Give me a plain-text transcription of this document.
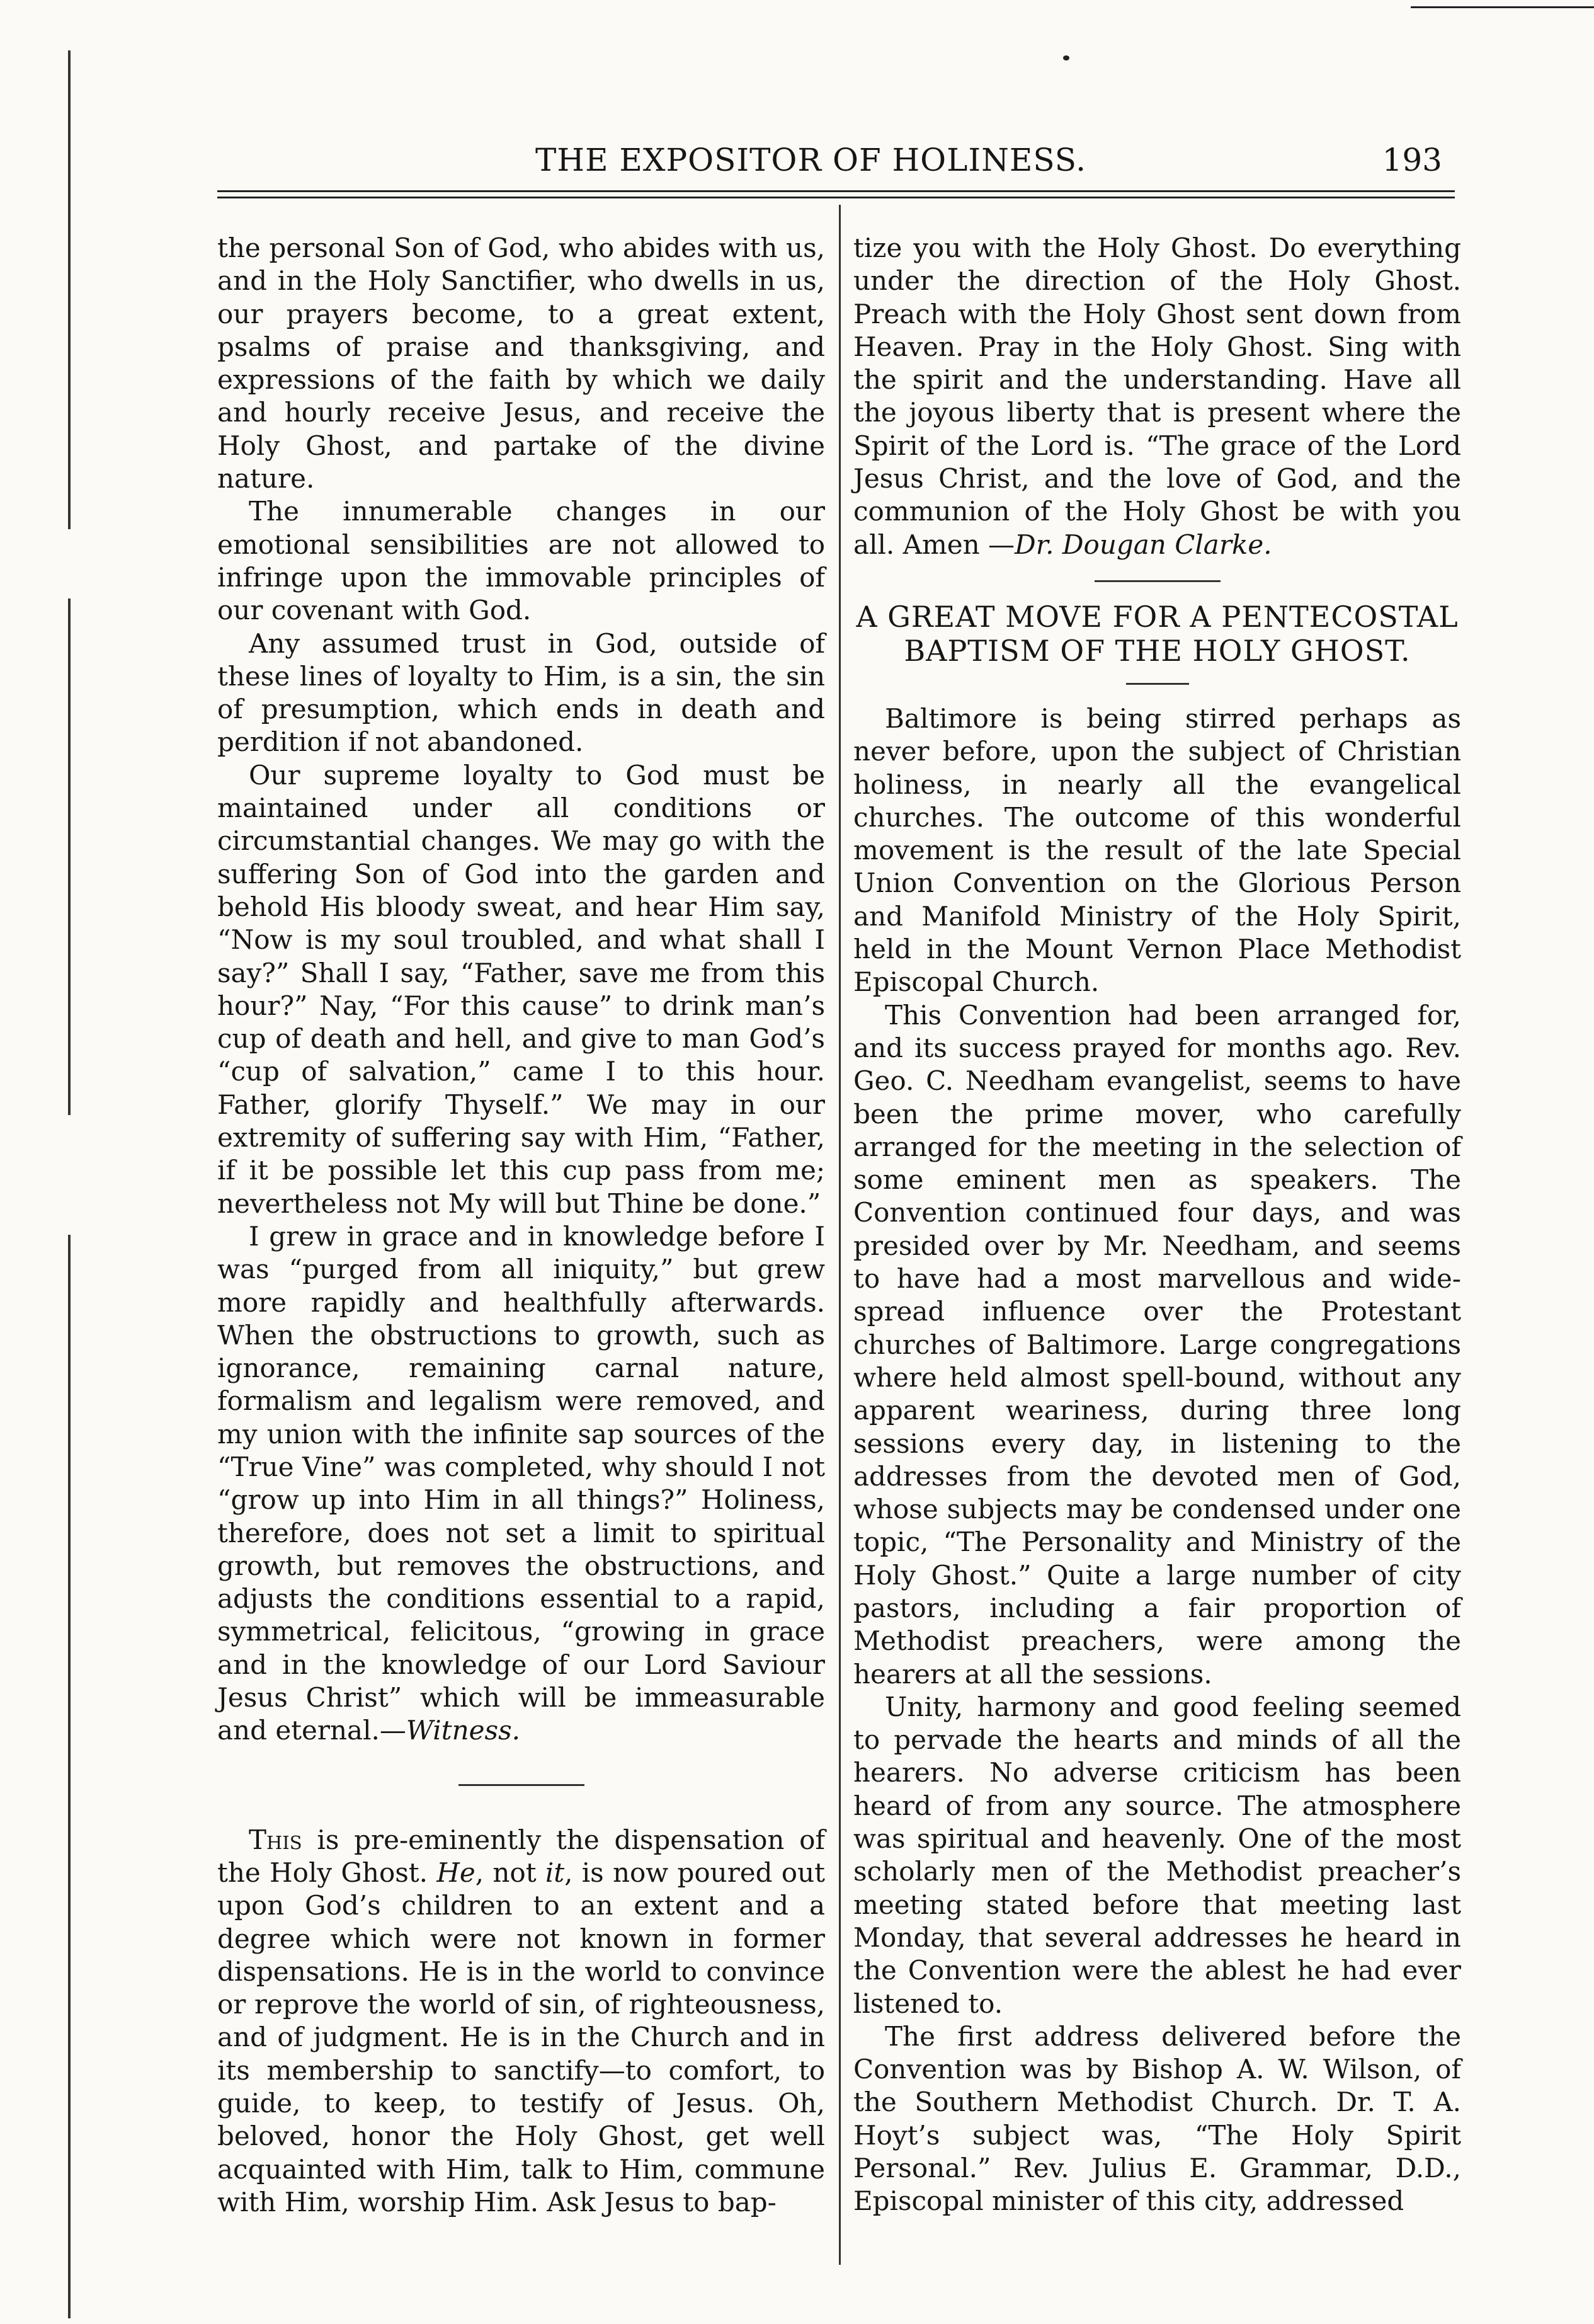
THE EXPOSITOR OF HOLINESS.	193

the personal Son of God, who abides with us, and in the Holy Sanctifier, who dwells in us, our prayers become, to a great extent, psalms of praise and thanksgiving, and expressions of the faith by which we daily and hourly receive Jesus, and receive the Holy Ghost, and partake of the divine nature.

The innumerable changes in our emotional sensibilities are not allowed to infringe upon the immovable principles of our covenant with God.

Any assumed trust in God, outside of these lines of loyalty to Him, is a sin, the sin of presumption, which ends in death and perdition if not abandoned.

Our supreme loyalty to God must be maintained under all conditions or circumstantial changes. We may go with the suffering Son of God into the garden and behold His bloody sweat, and hear Him say, “Now is my soul troubled, and what shall I say?” Shall I say, “Father, save me from this hour?” Nay, “For this cause” to drink man’s cup of death and hell, and give to man God’s “cup of salvation,” came I to this hour. Father, glorify Thyself.” We may in our extremity of suffering say with Him, “Father, if it be possible let this cup pass from me; nevertheless not My will but Thine be done.”

I grew in grace and in knowledge before I was “purged from all iniquity,” but grew more rapidly and healthfully afterwards. When the obstructions to growth, such as ignorance, remaining carnal nature, formalism and legalism were removed, and my union with the infinite sap sources of the “True Vine” was completed, why should I not “grow up into Him in all things?” Holiness, therefore, does not set a limit to spiritual growth, but removes the obstructions, and adjusts the conditions essential to a rapid, symmetrical, felicitous, “growing in grace and in the knowledge of our Lord Saviour Jesus Christ” which will be immeasurable and eternal.—Witness.

This is pre-eminently the dispensation of the Holy Ghost. He, not it, is now poured out upon God’s children to an extent and a degree which were not known in former dispensations. He is in the world to convince or reprove the world of sin, of righteousness, and of judgment. He is in the Church and in its membership to sanctify—to comfort, to guide, to keep, to testify of Jesus. Oh, beloved, honor the Holy Ghost, get well acquainted with Him, talk to Him, commune with Him, worship Him. Ask Jesus to bap-

tize you with the Holy Ghost. Do everything under the direction of the Holy Ghost. Preach with the Holy Ghost sent down from Heaven. Pray in the Holy Ghost. Sing with the spirit and the understanding. Have all the joyous liberty that is present where the Spirit of the Lord is. “The grace of the Lord Jesus Christ, and the love of God, and the communion of the Holy Ghost be with you all. Amen —Dr. Dougan Clarke.

A GREAT MOVE FOR A PENTECOSTAL BAPTISM OF THE HOLY GHOST.

Baltimore is being stirred perhaps as never before, upon the subject of Christian holiness, in nearly all the evangelical churches. The outcome of this wonderful movement is the result of the late Special Union Convention on the Glorious Person and Manifold Ministry of the Holy Spirit, held in the Mount Vernon Place Methodist Episcopal Church.

This Convention had been arranged for, and its success prayed for months ago. Rev. Geo. C. Needham evangelist, seems to have been the prime mover, who carefully arranged for the meeting in the selection of some eminent men as speakers. The Convention continued four days, and was presided over by Mr. Needham, and seems to have had a most marvellous and wide-spread influence over the Protestant churches of Baltimore. Large congregations where held almost spell-bound, without any apparent weariness, during three long sessions every day, in listening to the addresses from the devoted men of God, whose subjects may be condensed under one topic, “The Personality and Ministry of the Holy Ghost.” Quite a large number of city pastors, including a fair proportion of Methodist preachers, were among the hearers at all the sessions.

Unity, harmony and good feeling seemed to pervade the hearts and minds of all the hearers. No adverse criticism has been heard of from any source. The atmosphere was spiritual and heavenly. One of the most scholarly men of the Methodist preacher’s meeting stated before that meeting last Monday, that several addresses he heard in the Convention were the ablest he had ever listened to.

The first address delivered before the Convention was by Bishop A. W. Wilson, of the Southern Methodist Church. Dr. T. A. Hoyt’s subject was, “The Holy Spirit Personal.” Rev. Julius E. Grammar, D.D., Episcopal minister of this city, addressed
